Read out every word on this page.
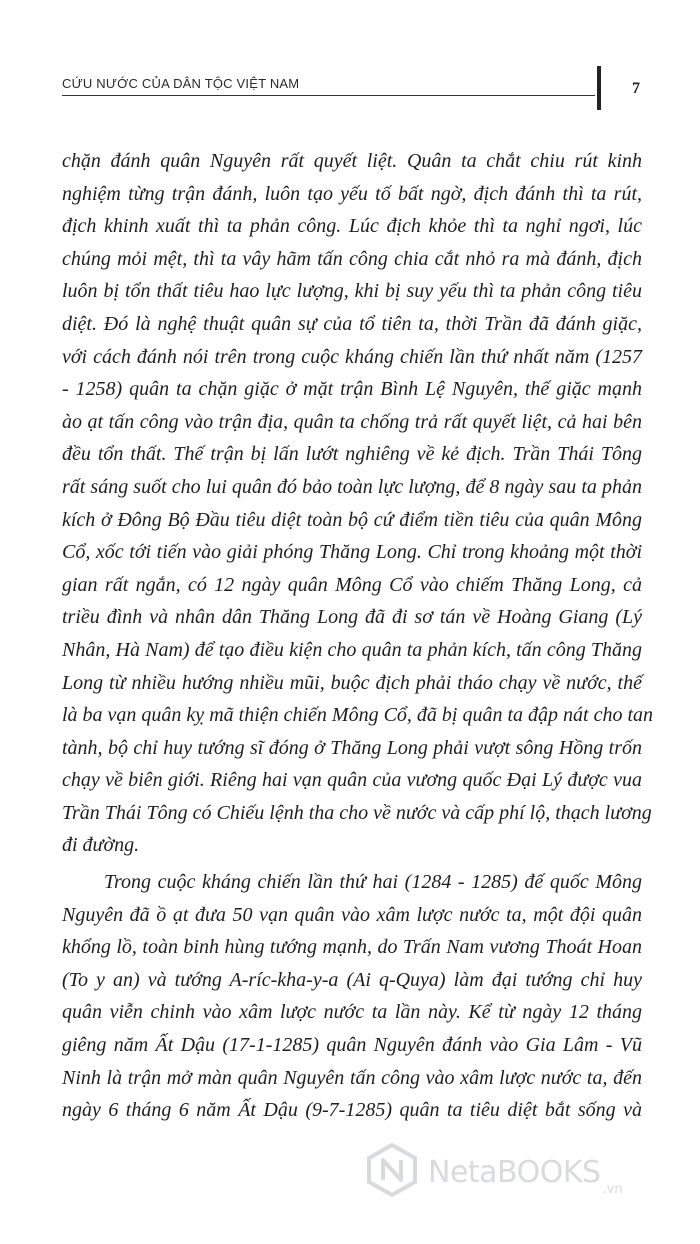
CỨU NƯỚC CỦA DÂN TỘC VIỆT NAM	7
chặn đánh quân Nguyên rất quyết liệt. Quân ta chắt chiu rút kinh
nghiệm từng trận đánh, luôn tạo yếu tố bất ngờ, địch đánh thì ta rút,
địch khinh xuất thì ta phản công. Lúc địch khỏe thì ta nghỉ ngơi, lúc
chúng mỏi mệt, thì ta vây hãm tấn công chia cắt nhỏ ra mà đánh, địch
luôn bị tổn thất tiêu hao lực lượng, khi bị suy yếu thì ta phản công tiêu
diệt. Đó là nghệ thuật quân sự của tổ tiên ta, thời Trần đã đánh giặc,
với cách đánh nói trên trong cuộc kháng chiến lần thứ nhất năm (1257
- 1258) quân ta chặn giặc ở mặt trận Bình Lệ Nguyên, thế giặc mạnh
ào ạt tấn công vào trận địa, quân ta chống trả rất quyết liệt, cả hai bên
đều tổn thất. Thế trận bị lấn lướt nghiêng về kẻ địch. Trần Thái Tông
rất sáng suốt cho lui quân đó bảo toàn lực lượng, để 8 ngày sau ta phản
kích ở Đông Bộ Đầu tiêu diệt toàn bộ cứ điểm tiền tiêu của quân Mông
Cổ, xốc tới tiến vào giải phóng Thăng Long. Chỉ trong khoảng một thời
gian rất ngắn, có 12 ngày quân Mông Cổ vào chiếm Thăng Long, cả
triều đình và nhân dân Thăng Long đã đi sơ tán về Hoàng Giang (Lý
Nhân, Hà Nam) để tạo điều kiện cho quân ta phản kích, tấn công Thăng
Long từ nhiều hướng nhiều mũi, buộc địch phải tháo chạy về nước, thế
là ba vạn quân kỵ mã thiện chiến Mông Cổ, đã bị quân ta đập nát cho tan
tành, bộ chỉ huy tướng sĩ đóng ở Thăng Long phải vượt sông Hồng trốn
chạy về biên giới. Riêng hai vạn quân của vương quốc Đại Lý được vua
Trần Thái Tông có Chiếu lệnh tha cho về nước và cấp phí lộ, thạch lương
đi đường.
Trong cuộc kháng chiến lần thứ hai (1284 - 1285) đế quốc Mông
Nguyên đã ồ ạt đưa 50 vạn quân vào xâm lược nước ta, một đội quân
khổng lồ, toàn binh hùng tướng mạnh, do Trấn Nam vương Thoát Hoan
(To y an) và tướng A-ríc-kha-y-a (Ai q-Quya) làm đại tướng chỉ huy
quân viễn chinh vào xâm lược nước ta lần này. Kể từ ngày 12 tháng
giêng năm Ất Dậu (17-1-1285) quân Nguyên đánh vào Gia Lâm - Vũ
Ninh là trận mở màn quân Nguyên tấn công vào xâm lược nước ta, đến
ngày 6 tháng 6 năm Ất Dậu (9-7-1285) quân ta tiêu diệt bắt sống và
NetaBOOKS .vn
